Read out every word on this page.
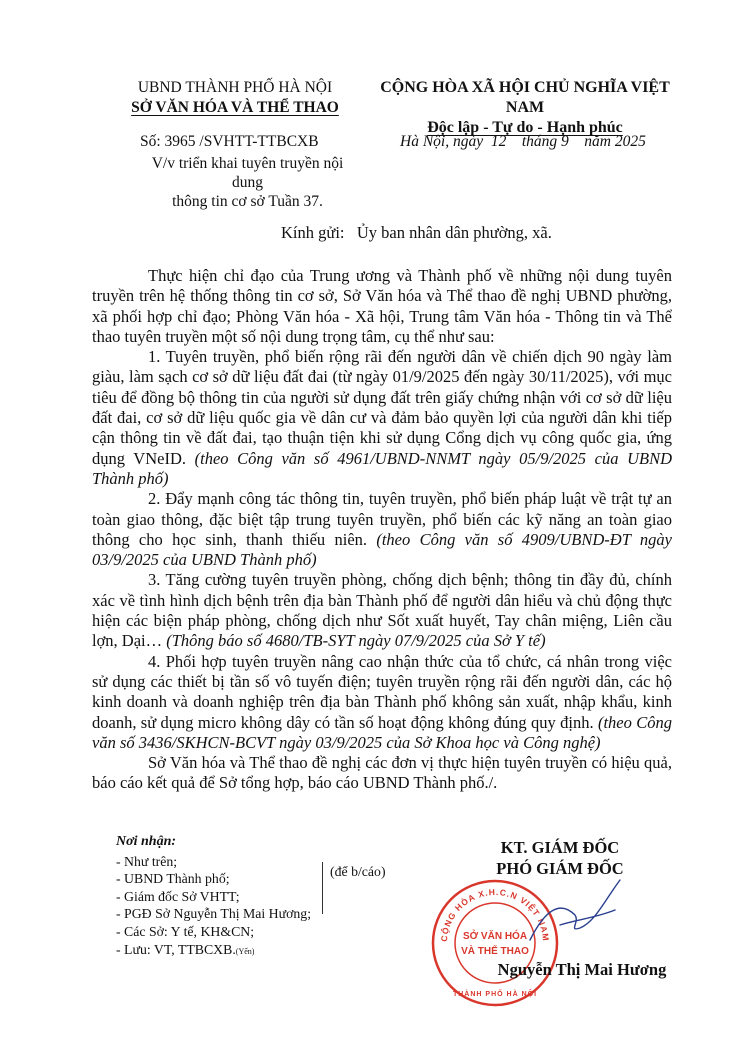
UBND THÀNH PHỐ HÀ NỘI
SỞ VĂN HÓA VÀ THỂ THAO
CỘNG HÒA XÃ HỘI CHỦ NGHĨA VIỆT NAM
Độc lập - Tự do - Hạnh phúc
Số: 3965 /SVHTT-TTBCXB
V/v triển khai tuyên truyền nội dung
thông tin cơ sở Tuần 37.
Hà Nội, ngày  12    tháng 9    năm 2025
Kính gửi:   Ủy ban nhân dân phường, xã.

Thực hiện chỉ đạo của Trung ương và Thành phố về những nội dung tuyên truyền trên hệ thống thông tin cơ sở, Sở Văn hóa và Thể thao đề nghị UBND phường, xã phối hợp chỉ đạo; Phòng Văn hóa - Xã hội, Trung tâm Văn hóa - Thông tin và Thể thao tuyên truyền một số nội dung trọng tâm, cụ thể như sau:

1. Tuyên truyền, phổ biến rộng rãi đến người dân về chiến dịch 90 ngày làm giàu, làm sạch cơ sở dữ liệu đất đai (từ ngày 01/9/2025 đến ngày 30/11/2025), với mục tiêu để đồng bộ thông tin của người sử dụng đất trên giấy chứng nhận với cơ sở dữ liệu đất đai, cơ sở dữ liệu quốc gia về dân cư và đảm bảo quyền lợi của người dân khi tiếp cận thông tin về đất đai, tạo thuận tiện khi sử dụng Cổng dịch vụ công quốc gia, ứng dụng VNeID. (theo Công văn số 4961/UBND-NNMT ngày 05/9/2025 của UBND Thành phố)

2. Đẩy mạnh công tác thông tin, tuyên truyền, phổ biến pháp luật về trật tự an toàn giao thông, đặc biệt tập trung tuyên truyền, phổ biến các kỹ năng an toàn giao thông cho học sinh, thanh thiếu niên. (theo Công văn số 4909/UBND-ĐT ngày 03/9/2025 của UBND Thành phố)

3. Tăng cường tuyên truyền phòng, chống dịch bệnh; thông tin đầy đủ, chính xác về tình hình dịch bệnh trên địa bàn Thành phố để người dân hiểu và chủ động thực hiện các biện pháp phòng, chống dịch như Sốt xuất huyết, Tay chân miệng, Liên cầu lợn, Dại… (Thông báo số 4680/TB-SYT ngày 07/9/2025 của Sở Y tế)

4. Phối hợp tuyên truyền nâng cao nhận thức của tổ chức, cá nhân trong việc sử dụng các thiết bị tần số vô tuyến điện; tuyên truyền rộng rãi đến người dân, các hộ kinh doanh và doanh nghiệp trên địa bàn Thành phố không sản xuất, nhập khẩu, kinh doanh, sử dụng micro không dây có tần số hoạt động không đúng quy định. (theo Công văn số 3436/SKHCN-BCVT ngày 03/9/2025 của Sở Khoa học và Công nghệ)

Sở Văn hóa và Thể thao đề nghị các đơn vị thực hiện tuyên truyền có hiệu quả, báo cáo kết quả để Sở tổng hợp, báo cáo UBND Thành phố./.

Nơi nhận:
- Như trên;
- UBND Thành phố;
- Giám đốc Sở VHTT;
- PGĐ Sở Nguyễn Thị Mai Hương;
- Các Sở: Y tế, KH&CN;
- Lưu: VT, TTBCXB.(Yến)
(để b/cáo)
KT. GIÁM ĐỐC
PHÓ GIÁM ĐỐC
CỘNG HÒA X.H.C.N VIỆT NAM
SỞ VĂN HÓA
VÀ THỂ THAO
THÀNH PHỐ HÀ NỘI
Nguyễn Thị Mai Hương
